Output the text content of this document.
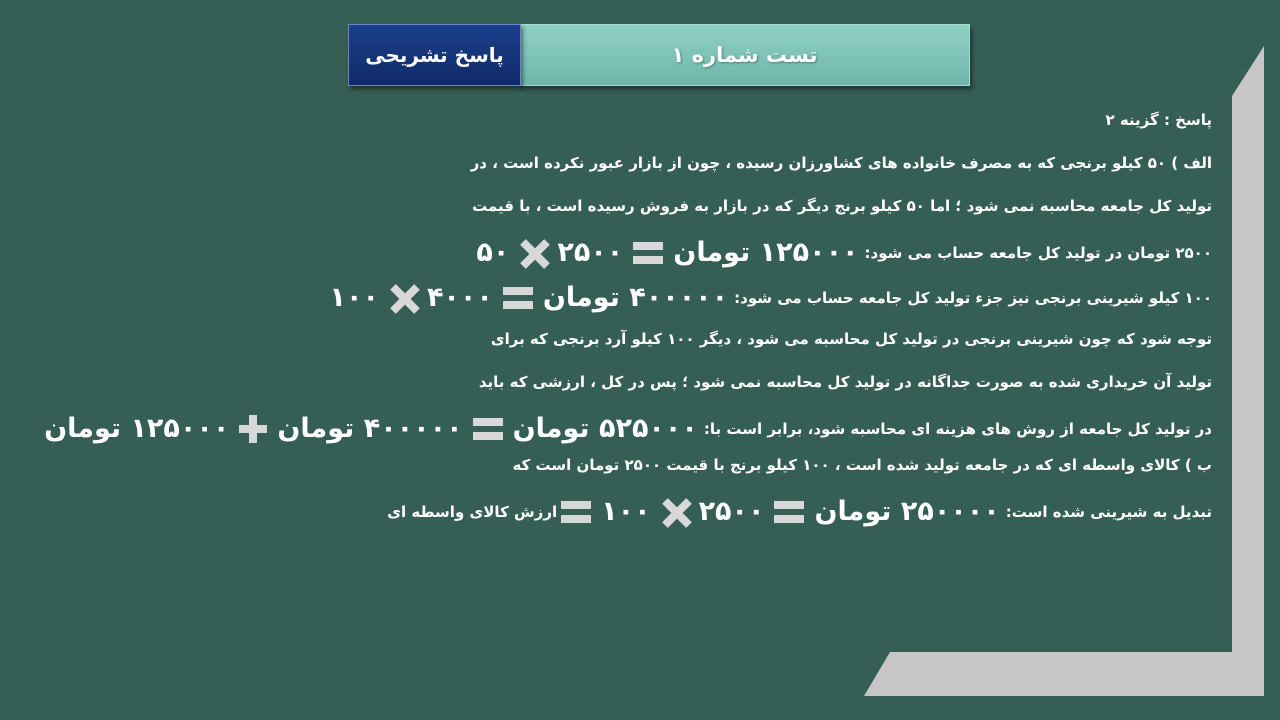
تست شماره ۱
پاسخ تشریحی
پاسخ : گزینه ۲
الف ) ۵۰ کیلو برنجی که به مصرف خانواده های کشاورزان رسیده ، چون از بازار عبور نکرده است ، در
تولید کل جامعه محاسبه نمی شود ؛ اما ۵۰ کیلو برنج دیگر که در بازار به فروش رسیده است ، با قیمت
۲۵۰۰ تومان در تولید کل جامعه حساب می شود:
۱۲۵۰۰۰ تومان
۲۵۰۰
۵۰
۱۰۰ کیلو شیرینی برنجی نیز جزء تولید کل جامعه حساب می شود:
۴۰۰۰۰۰ تومان
۴۰۰۰
۱۰۰
توجه شود که چون شیرینی برنجی در تولید کل محاسبه می شود ، دیگر ۱۰۰ کیلو آرد برنجی که برای
تولید آن خریداری شده به صورت جداگانه در تولید کل محاسبه نمی شود ؛ پس در کل ، ارزشی که باید
در تولید کل جامعه از روش های هزینه ای محاسبه شود، برابر است با:
۵۲۵۰۰۰ تومان
۴۰۰۰۰۰ تومان
۱۲۵۰۰۰ تومان
ب ) کالای واسطه ای که در جامعه تولید شده است ، ۱۰۰ کیلو برنج با قیمت ۲۵۰۰ تومان است که
تبدیل به شیرینی شده است:
۲۵۰۰۰۰ تومان
۲۵۰۰
۱۰۰
ارزش کالای واسطه ای
